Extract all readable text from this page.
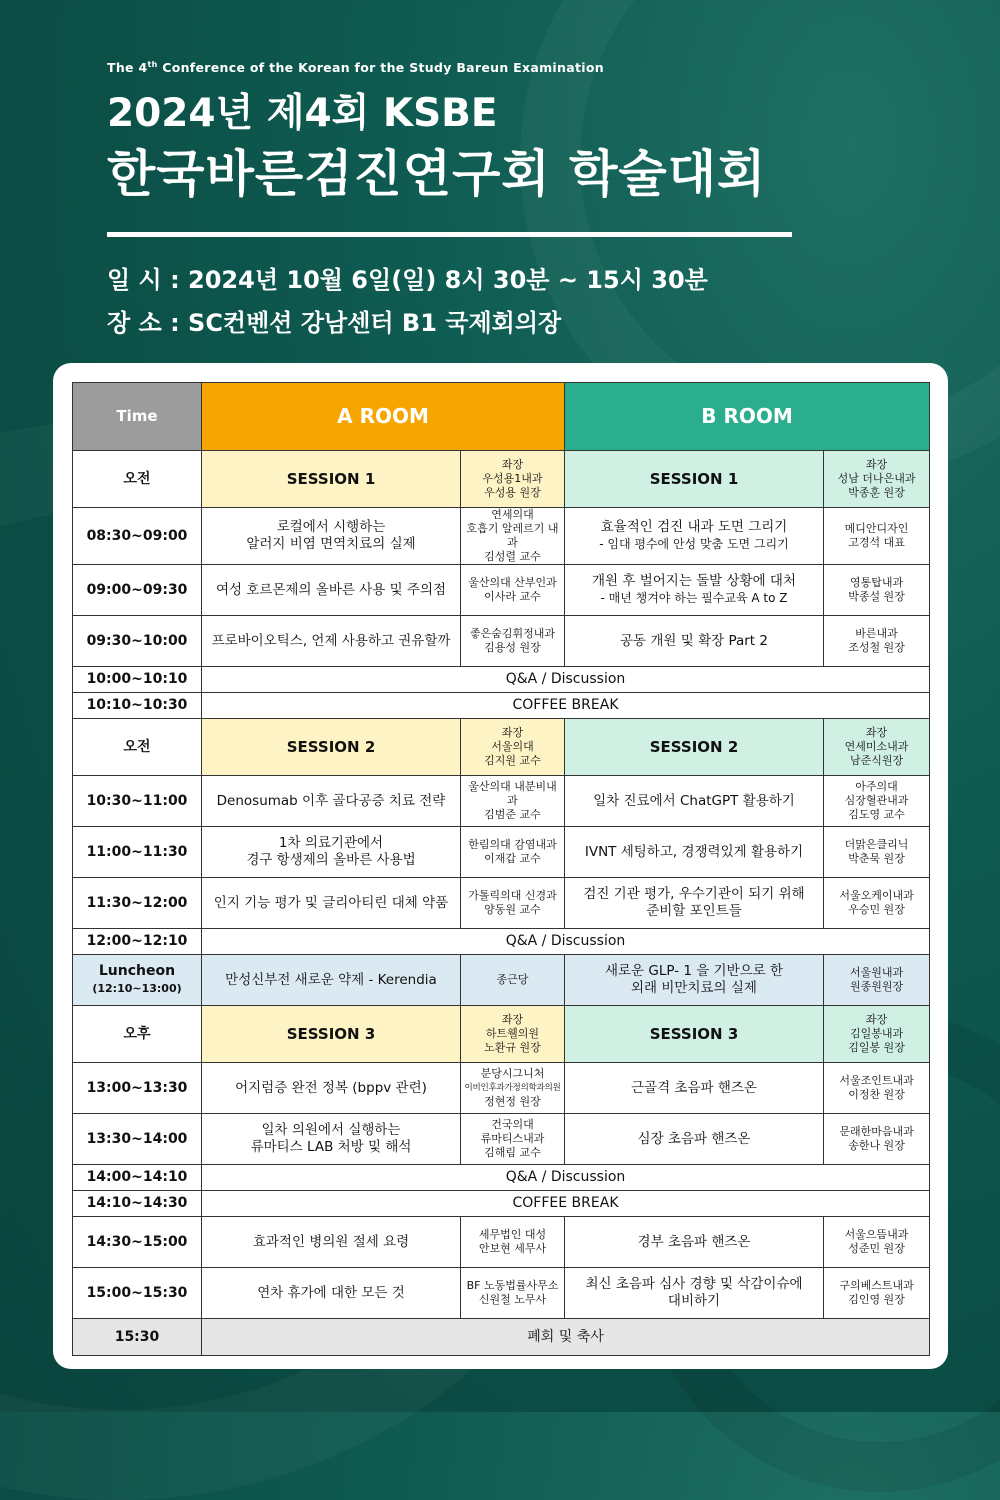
The 4th Conference of the Korean for the Study Bareun Examination

2024년 제4회 KSBE

한국바른검진연구회 학술대회

일 시 : 2024년 10월 6일(일) 8시 30분 ~ 15시 30분
장 소 : SC컨벤션 강남센터 B1 국제회의장
Time	A ROOM		B ROOM	
오전	SESSION 1	좌장
우성용1내과
우성용 원장	SESSION 1	좌장
성남 더나은내과
박종훈 원장

08:30~09:00	로컬에서 시행하는
알러지 비염 면역치료의 실제	연세의대
호흡기 알레르기 내과
김성렬 교수	효율적인 검진 내과 도면 그리기
- 임대 평수에 안성 맞춤 도면 그리기	메디안디자인
고경석 대표

09:00~09:30	여성 호르몬제의 올바른 사용 및 주의점	울산의대 산부인과
이사라 교수	개원 후 벌어지는 돌발 상황에 대처
- 매년 챙겨야 하는 필수교육 A to Z	영통탑내과
박종설 원장

09:30~10:00	프로바이오틱스, 언제 사용하고 권유할까	좋은숨김휘정내과
김용성 원장	공동 개원 및 확장 Part 2	바른내과
조성철 원장

10:00~10:10	Q&A / Discussion			
10:10~10:30	COFFEE BREAK			
오전	SESSION 2	좌장
서울의대
김지원 교수	SESSION 2	좌장
연세미소내과
남준식원장

10:30~11:00	Denosumab 이후 골다공증 치료 전략	울산의대 내분비내과
김범준 교수	일차 진료에서 ChatGPT 활용하기	아주의대
심장혈관내과
김도영 교수

11:00~11:30	1차 의료기관에서
경구 항생제의 올바른 사용법	한림의대 감염내과
이재갑 교수	IVNT 세팅하고, 경쟁력있게 활용하기	더맑은클리닉
박춘묵 원장

11:30~12:00	인지 기능 평가 및 글리아티린 대체 약품	가톨릭의대 신경과
양동원 교수	검진 기관 평가, 우수기관이 되기 위해
준비할 포인트들	서울오케이내과
우승민 원장

12:00~12:10	Q&A / Discussion			

Luncheon
(12:10~13:00)	만성신부전 새로운 약제 - Kerendia	종근당	새로운 GLP- 1 을 기반으로 한
외래 비만치료의 실제	서울원내과
원종원원장

오후	SESSION 3	좌장
하트웰의원
노환규 원장	SESSION 3	좌장
김일봉내과
김일봉 원장

13:00~13:30	어지럼증 완전 정복 (bppv 관련)	분당시그니처
이비인후과가정의학과의원
정현정 원장	근골격 초음파 핸즈온	서울조인트내과
이정찬 원장

13:30~14:00	일차 의원에서 실행하는
류마티스 LAB 처방 및 해석	건국의대
류마티스내과
김해림 교수	심장 초음파 핸즈온	문래한마음내과
송한나 원장

14:00~14:10	Q&A / Discussion			
14:10~14:30	COFFEE BREAK			
14:30~15:00	효과적인 병의원 절세 요령	세무법인 대성
안보현 세무사	경부 초음파 핸즈온	서울으뜸내과
성준민 원장

15:00~15:30	연차 휴가에 대한 모든 것	BF 노동법률사무소
신원철 노무사	최신 초음파 심사 경향 및 삭감이슈에
대비하기	구의베스트내과
김인영 원장

15:30	폐회 및 축사			
